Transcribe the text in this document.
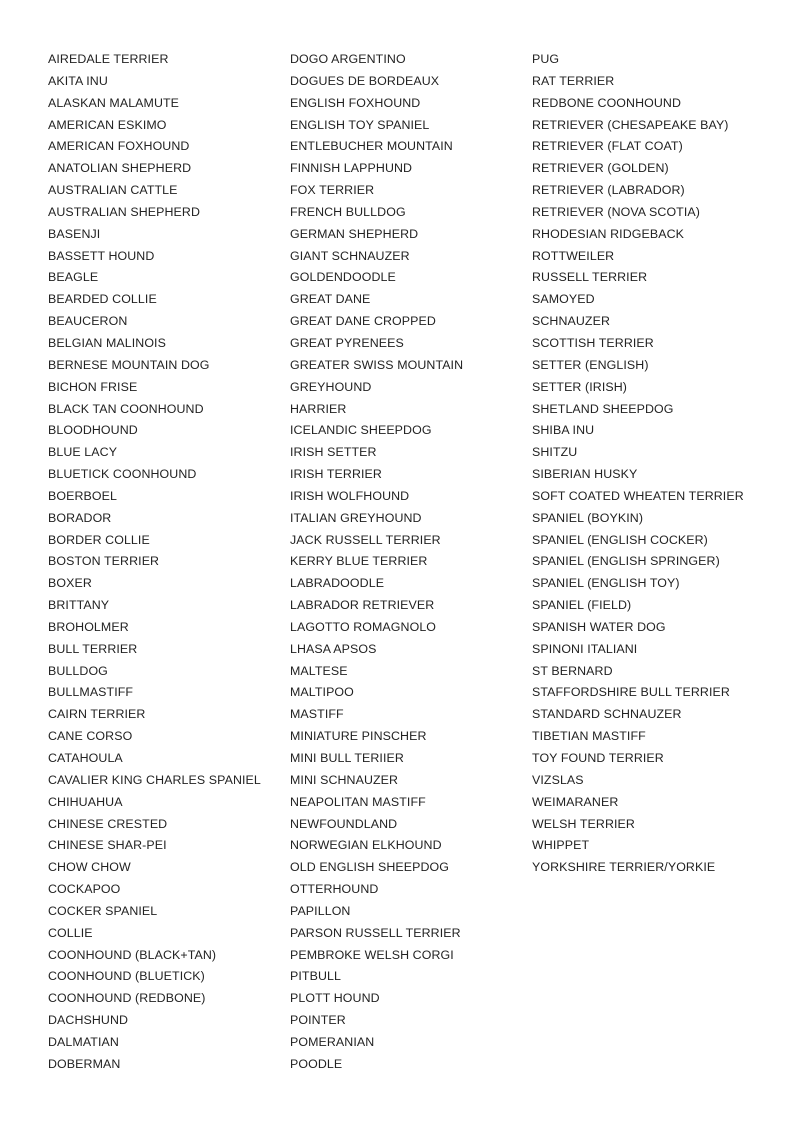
AIREDALE TERRIER
AKITA INU
ALASKAN MALAMUTE
AMERICAN ESKIMO
AMERICAN FOXHOUND
ANATOLIAN SHEPHERD
AUSTRALIAN CATTLE
AUSTRALIAN SHEPHERD
BASENJI
BASSETT HOUND
BEAGLE
BEARDED COLLIE
BEAUCERON
BELGIAN MALINOIS
BERNESE MOUNTAIN DOG
BICHON FRISE
BLACK TAN COONHOUND
BLOODHOUND
BLUE LACY
BLUETICK COONHOUND
BOERBOEL
BORADOR
BORDER COLLIE
BOSTON TERRIER
BOXER
BRITTANY
BROHOLMER
BULL TERRIER
BULLDOG
BULLMASTIFF
CAIRN TERRIER
CANE CORSO
CATAHOULA
CAVALIER KING CHARLES SPANIEL
CHIHUAHUA
CHINESE CRESTED
CHINESE SHAR-PEI
CHOW CHOW
COCKAPOO
COCKER SPANIEL
COLLIE
COONHOUND (BLACK+TAN)
COONHOUND (BLUETICK)
COONHOUND (REDBONE)
DACHSHUND
DALMATIAN
DOBERMAN
DOGO ARGENTINO
DOGUES DE BORDEAUX
ENGLISH FOXHOUND
ENGLISH TOY SPANIEL
ENTLEBUCHER MOUNTAIN
FINNISH LAPPHUND
FOX TERRIER
FRENCH BULLDOG
GERMAN SHEPHERD
GIANT SCHNAUZER
GOLDENDOODLE
GREAT DANE
GREAT DANE CROPPED
GREAT PYRENEES
GREATER SWISS MOUNTAIN
GREYHOUND
HARRIER
ICELANDIC SHEEPDOG
IRISH SETTER
IRISH TERRIER
IRISH WOLFHOUND
ITALIAN GREYHOUND
JACK RUSSELL TERRIER
KERRY BLUE TERRIER
LABRADOODLE
LABRADOR RETRIEVER
LAGOTTO ROMAGNOLO
LHASA APSOS
MALTESE
MALTIPOO
MASTIFF
MINIATURE PINSCHER
MINI BULL TERIIER
MINI SCHNAUZER
NEAPOLITAN MASTIFF
NEWFOUNDLAND
NORWEGIAN ELKHOUND
OLD ENGLISH SHEEPDOG
OTTERHOUND
PAPILLON
PARSON RUSSELL TERRIER
PEMBROKE WELSH CORGI
PITBULL
PLOTT HOUND
POINTER
POMERANIAN
POODLE
PUG
RAT TERRIER
REDBONE COONHOUND
RETRIEVER (CHESAPEAKE BAY)
RETRIEVER (FLAT COAT)
RETRIEVER (GOLDEN)
RETRIEVER (LABRADOR)
RETRIEVER (NOVA SCOTIA)
RHODESIAN RIDGEBACK
ROTTWEILER
RUSSELL TERRIER
SAMOYED
SCHNAUZER
SCOTTISH TERRIER
SETTER (ENGLISH)
SETTER (IRISH)
SHETLAND SHEEPDOG
SHIBA INU
SHITZU
SIBERIAN HUSKY
SOFT COATED WHEATEN TERRIER
SPANIEL (BOYKIN)
SPANIEL (ENGLISH COCKER)
SPANIEL (ENGLISH SPRINGER)
SPANIEL (ENGLISH TOY)
SPANIEL (FIELD)
SPANISH WATER DOG
SPINONI ITALIANI
ST BERNARD
STAFFORDSHIRE BULL TERRIER
STANDARD SCHNAUZER
TIBETIAN MASTIFF
TOY FOUND TERRIER
VIZSLAS
WEIMARANER
WELSH TERRIER
WHIPPET
YORKSHIRE TERRIER/YORKIE
